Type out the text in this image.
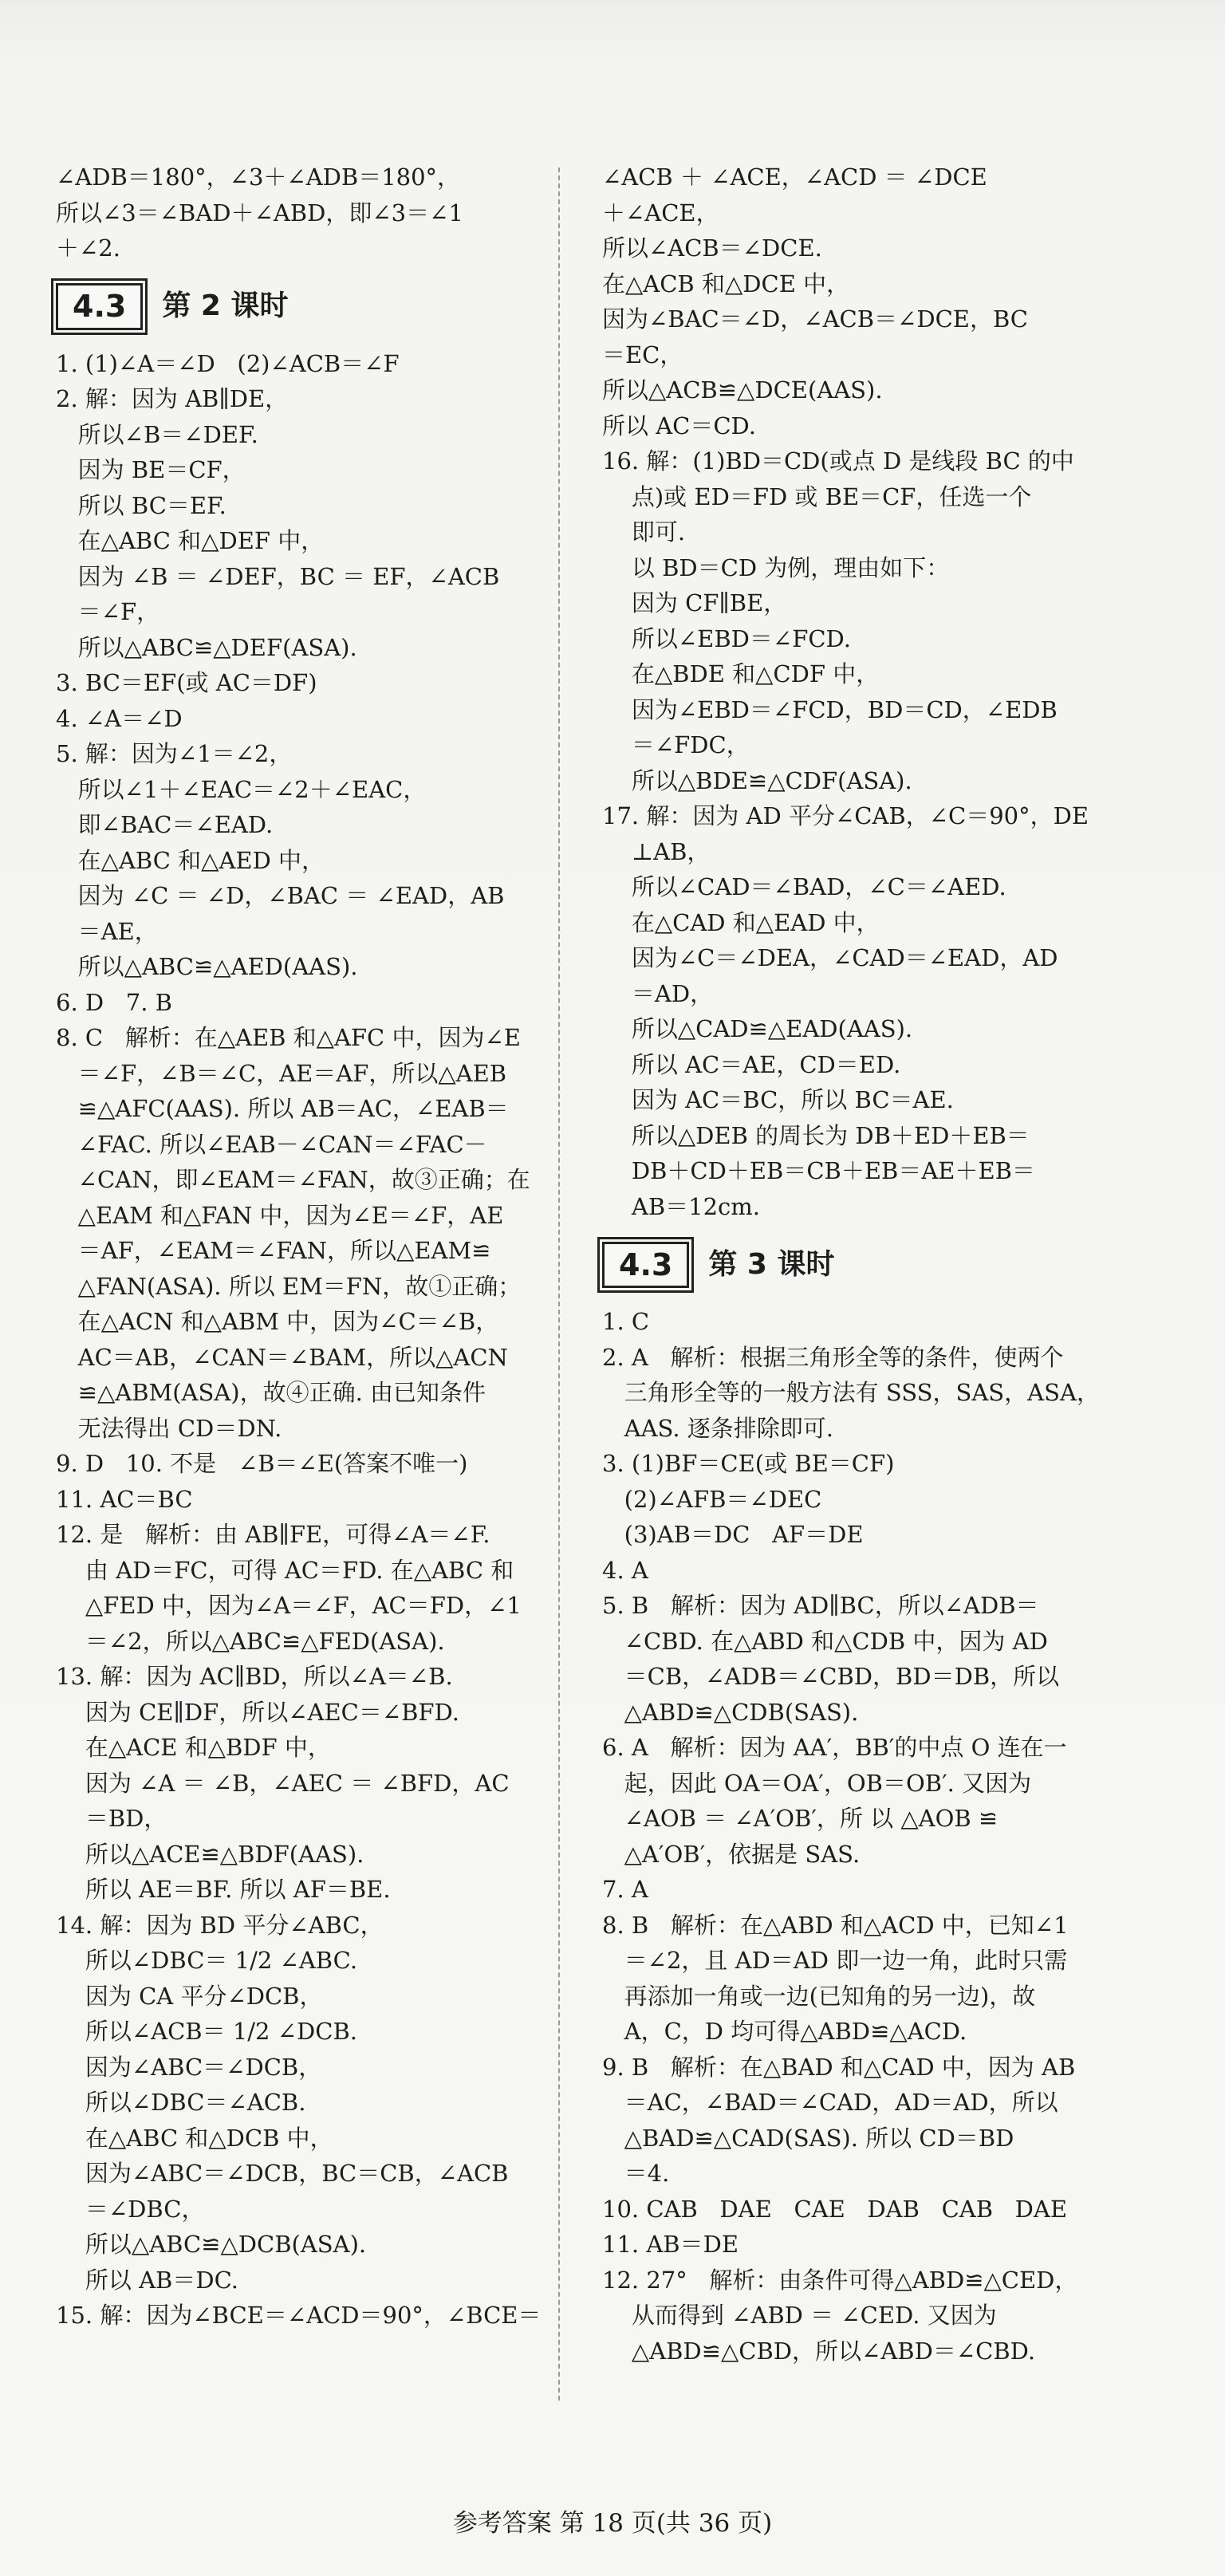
∠ADB＝180°，∠3＋∠ADB＝180°，
所以∠3＝∠BAD＋∠ABD，即∠3＝∠1
＋∠2.
4.3	第 2 课时
1. (1)∠A＝∠D   (2)∠ACB＝∠F
2. 解：因为 AB∥DE，
所以∠B＝∠DEF.
因为 BE＝CF，
所以 BC＝EF.
在△ABC 和△DEF 中，
因为 ∠B ＝ ∠DEF，BC ＝ EF，∠ACB
＝∠F，
所以△ABC≌△DEF(ASA).
3. BC＝EF(或 AC＝DF)
4. ∠A＝∠D
5. 解：因为∠1＝∠2，
所以∠1＋∠EAC＝∠2＋∠EAC，
即∠BAC＝∠EAD.
在△ABC 和△AED 中，
因为 ∠C ＝ ∠D，∠BAC ＝ ∠EAD，AB
＝AE，
所以△ABC≌△AED(AAS).
6. D   7. B
8. C   解析：在△AEB 和△AFC 中，因为∠E
＝∠F，∠B＝∠C，AE＝AF，所以△AEB
≌△AFC(AAS). 所以 AB＝AC，∠EAB＝
∠FAC. 所以∠EAB－∠CAN＝∠FAC－
∠CAN，即∠EAM＝∠FAN，故③正确；在
△EAM 和△FAN 中，因为∠E＝∠F，AE
＝AF，∠EAM＝∠FAN，所以△EAM≌
△FAN(ASA). 所以 EM＝FN，故①正确；
在△ACN 和△ABM 中，因为∠C＝∠B，
AC＝AB，∠CAN＝∠BAM，所以△ACN
≌△ABM(ASA)，故④正确. 由已知条件
无法得出 CD＝DN.
9. D   10. 不是   ∠B＝∠E(答案不唯一)
11. AC＝BC
12. 是   解析：由 AB∥FE，可得∠A＝∠F.
由 AD＝FC，可得 AC＝FD. 在△ABC 和
△FED 中，因为∠A＝∠F，AC＝FD，∠1
＝∠2，所以△ABC≌△FED(ASA).
13. 解：因为 AC∥BD，所以∠A＝∠B.
因为 CE∥DF，所以∠AEC＝∠BFD.
在△ACE 和△BDF 中，
因为 ∠A ＝ ∠B，∠AEC ＝ ∠BFD，AC
＝BD，
所以△ACE≌△BDF(AAS).
所以 AE＝BF. 所以 AF＝BE.
14. 解：因为 BD 平分∠ABC，
所以∠DBC＝ 1/2 ∠ABC.
因为 CA 平分∠DCB，
所以∠ACB＝ 1/2 ∠DCB.
因为∠ABC＝∠DCB，
所以∠DBC＝∠ACB.
在△ABC 和△DCB 中，
因为∠ABC＝∠DCB，BC＝CB，∠ACB
＝∠DBC，
所以△ABC≌△DCB(ASA).
所以 AB＝DC.
15. 解：因为∠BCE＝∠ACD＝90°，∠BCE＝
∠ACB ＋ ∠ACE，∠ACD ＝ ∠DCE
＋∠ACE，
所以∠ACB＝∠DCE.
在△ACB 和△DCE 中，
因为∠BAC＝∠D，∠ACB＝∠DCE，BC
＝EC，
所以△ACB≌△DCE(AAS).
所以 AC＝CD.
16. 解：(1)BD＝CD(或点 D 是线段 BC 的中
点)或 ED＝FD 或 BE＝CF，任选一个
即可.
以 BD＝CD 为例，理由如下：
因为 CF∥BE，
所以∠EBD＝∠FCD.
在△BDE 和△CDF 中，
因为∠EBD＝∠FCD，BD＝CD，∠EDB
＝∠FDC，
所以△BDE≌△CDF(ASA).
17. 解：因为 AD 平分∠CAB，∠C＝90°，DE
⊥AB，
所以∠CAD＝∠BAD，∠C＝∠AED.
在△CAD 和△EAD 中，
因为∠C＝∠DEA，∠CAD＝∠EAD，AD
＝AD，
所以△CAD≌△EAD(AAS).
所以 AC＝AE，CD＝ED.
因为 AC＝BC，所以 BC＝AE.
所以△DEB 的周长为 DB＋ED＋EB＝
DB＋CD＋EB＝CB＋EB＝AE＋EB＝
AB＝12cm.
4.3	第 3 课时
1. C
2. A   解析：根据三角形全等的条件，使两个
三角形全等的一般方法有 SSS，SAS，ASA，
AAS. 逐条排除即可.
3. (1)BF＝CE(或 BE＝CF)
(2)∠AFB＝∠DEC
(3)AB＝DC   AF＝DE
4. A
5. B   解析：因为 AD∥BC，所以∠ADB＝
∠CBD. 在△ABD 和△CDB 中，因为 AD
＝CB，∠ADB＝∠CBD，BD＝DB，所以
△ABD≌△CDB(SAS).
6. A   解析：因为 AA′，BB′的中点 O 连在一
起，因此 OA＝OA′，OB＝OB′. 又因为
∠AOB ＝ ∠A′OB′，所 以 △AOB ≌
△A′OB′，依据是 SAS.
7. A
8. B   解析：在△ABD 和△ACD 中，已知∠1
＝∠2，且 AD＝AD 即一边一角，此时只需
再添加一角或一边(已知角的另一边)，故
A，C，D 均可得△ABD≌△ACD.
9. B   解析：在△BAD 和△CAD 中，因为 AB
＝AC，∠BAD＝∠CAD，AD＝AD，所以
△BAD≌△CAD(SAS). 所以 CD＝BD
＝4.
10. CAB   DAE   CAE   DAB   CAB   DAE
11. AB＝DE
12. 27°   解析：由条件可得△ABD≌△CED，
从而得到 ∠ABD ＝ ∠CED. 又因为
△ABD≌△CBD，所以∠ABD＝∠CBD.
参考答案 第 18 页(共 36 页)
